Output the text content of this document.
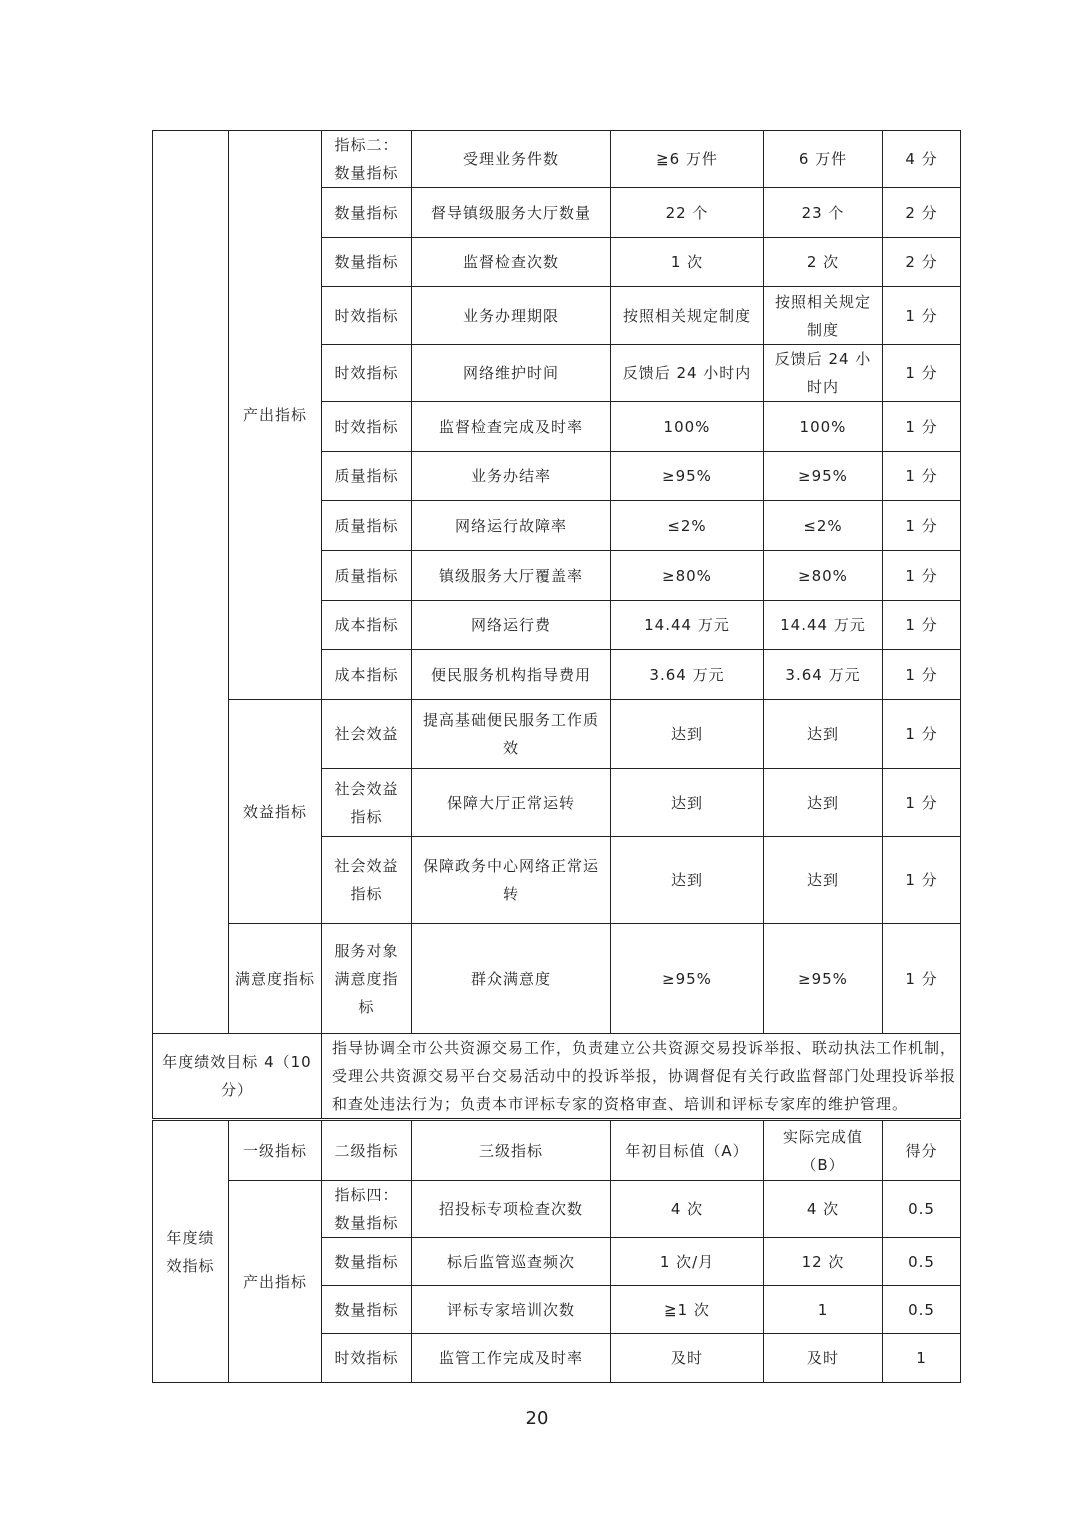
	产出指标	指标二：数量指标	受理业务件数	≧6 万件	6 万件	4 分
		数量指标	督导镇级服务大厅数量	22 个	23 个	2 分
		数量指标	监督检查次数	1 次	2 次	2 分
		时效指标	业务办理期限	按照相关规定制度	按照相关规定制度	1 分
		时效指标	网络维护时间	反馈后 24 小时内	反馈后 24 小时内	1 分
		时效指标	监督检查完成及时率	100%	100%	1 分
		质量指标	业务办结率	≥95%	≥95%	1 分
		质量指标	网络运行故障率	≤2%	≤2%	1 分
		质量指标	镇级服务大厅覆盖率	≥80%	≥80%	1 分
		成本指标	网络运行费	14.44 万元	14.44 万元	1 分
		成本指标	便民服务机构指导费用	3.64 万元	3.64 万元	1 分
	效益指标	社会效益	提高基础便民服务工作质效	达到	达到	1 分
		社会效益指标	保障大厅正常运转	达到	达到	1 分
		社会效益指标	保障政务中心网络正常运转	达到	达到	1 分
	满意度指标	服务对象满意度指标	群众满意度	≥95%	≥95%	1 分
年度绩效目标 4（10 分）		指导协调全市公共资源交易工作，负责建立公共资源交易投诉举报、联动执法工作机制，受理公共资源交易平台交易活动中的投诉举报，协调督促有关行政监督部门处理投诉举报和查处违法行为；负责本市评标专家的资格审查、培训和评标专家库的维护管理。				
年度绩效指标	一级指标	二级指标	三级指标	年初目标值（A）	实际完成值（B）	得分
	产出指标	指标四：数量指标	招投标专项检查次数	4 次	4 次	0.5
		数量指标	标后监管巡查频次	1 次/月	12 次	0.5
		数量指标	评标专家培训次数	≧1 次	1	0.5
		时效指标	监管工作完成及时率	及时	及时	1
20
